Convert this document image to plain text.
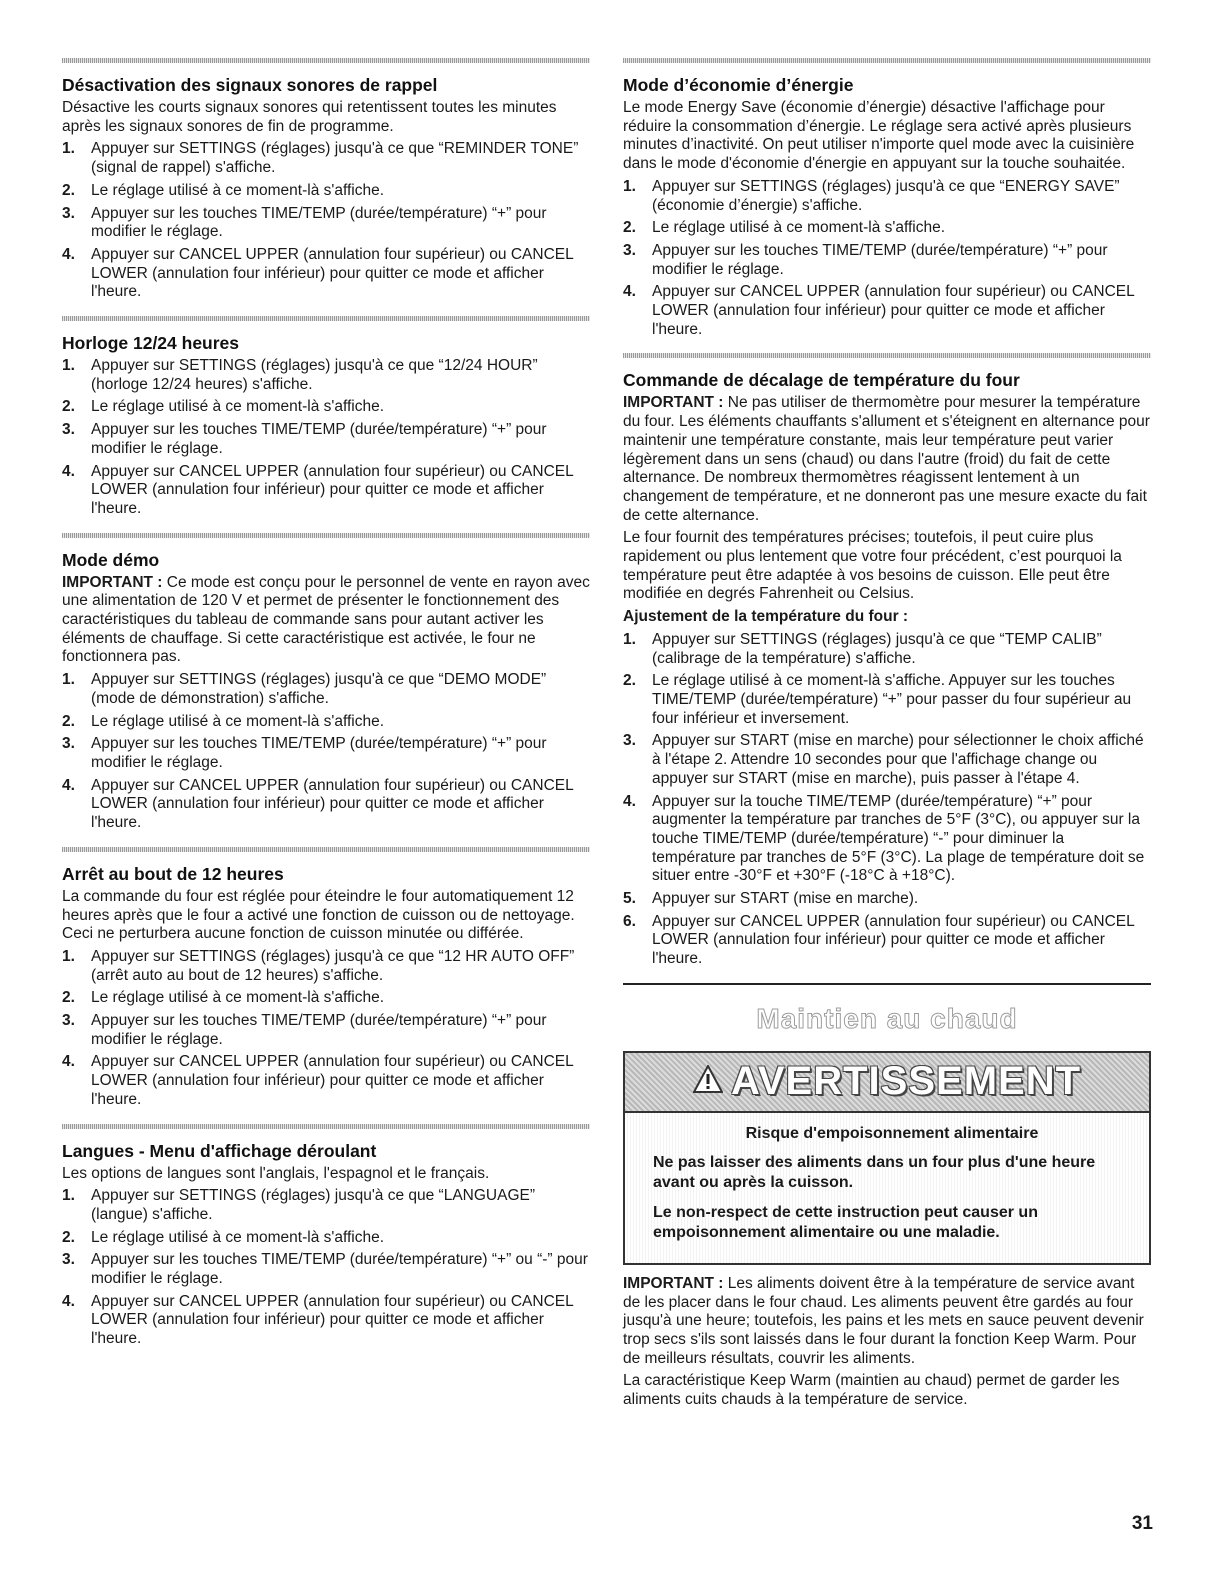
Désactivation des signaux sonores de rappel

Désactive les courts signaux sonores qui retentissent toutes les minutes après les signaux sonores de fin de programme.

1.	Appuyer sur SETTINGS (réglages) jusqu'à ce que “REMINDER TONE” (signal de rappel) s'affiche.
2.	Le réglage utilisé à ce moment-là s'affiche.
3.	Appuyer sur les touches TIME/TEMP (durée/température) “+” pour modifier le réglage.
4.	Appuyer sur CANCEL UPPER (annulation four supérieur) ou CANCEL LOWER (annulation four inférieur) pour quitter ce mode et afficher l'heure.
Horloge 12/24 heures
1.	Appuyer sur SETTINGS (réglages) jusqu'à ce que “12/24 HOUR” (horloge 12/24 heures) s'affiche.
2.	Le réglage utilisé à ce moment-là s'affiche.
3.	Appuyer sur les touches TIME/TEMP (durée/température) “+” pour modifier le réglage.
4.	Appuyer sur CANCEL UPPER (annulation four supérieur) ou CANCEL LOWER (annulation four inférieur) pour quitter ce mode et afficher l'heure.
Mode démo

IMPORTANT : Ce mode est conçu pour le personnel de vente en rayon avec une alimentation de 120 V et permet de présenter le fonctionnement des caractéristiques du tableau de commande sans pour autant activer les éléments de chauffage. Si cette caractéristique est activée, le four ne fonctionnera pas.

1.	Appuyer sur SETTINGS (réglages) jusqu'à ce que “DEMO MODE” (mode de démonstration) s'affiche.
2.	Le réglage utilisé à ce moment-là s'affiche.
3.	Appuyer sur les touches TIME/TEMP (durée/température) “+” pour modifier le réglage.
4.	Appuyer sur CANCEL UPPER (annulation four supérieur) ou CANCEL LOWER (annulation four inférieur) pour quitter ce mode et afficher l'heure.
Arrêt au bout de 12 heures

La commande du four est réglée pour éteindre le four automatiquement 12 heures après que le four a activé une fonction de cuisson ou de nettoyage. Ceci ne perturbera aucune fonction de cuisson minutée ou différée.

1.	Appuyer sur SETTINGS (réglages) jusqu'à ce que “12 HR AUTO OFF” (arrêt auto au bout de 12 heures) s'affiche.
2.	Le réglage utilisé à ce moment-là s'affiche.
3.	Appuyer sur les touches TIME/TEMP (durée/température) “+” pour modifier le réglage.
4.	Appuyer sur CANCEL UPPER (annulation four supérieur) ou CANCEL LOWER (annulation four inférieur) pour quitter ce mode et afficher l'heure.
Langues - Menu d'affichage déroulant

Les options de langues sont l'anglais, l'espagnol et le français.

1.	Appuyer sur SETTINGS (réglages) jusqu'à ce que “LANGUAGE” (langue) s'affiche.
2.	Le réglage utilisé à ce moment-là s'affiche.
3.	Appuyer sur les touches TIME/TEMP (durée/température) “+” ou “-” pour modifier le réglage.
4.	Appuyer sur CANCEL UPPER (annulation four supérieur) ou CANCEL LOWER (annulation four inférieur) pour quitter ce mode et afficher l'heure.
Mode d’économie d’énergie

Le mode Energy Save (économie d’énergie) désactive l'affichage pour réduire la consommation d’énergie. Le réglage sera activé après plusieurs minutes d’inactivité. On peut utiliser n'importe quel mode avec la cuisinière dans le mode d'économie d'énergie en appuyant sur la touche souhaitée.

1.	Appuyer sur SETTINGS (réglages) jusqu'à ce que “ENERGY SAVE” (économie d’énergie) s'affiche.
2.	Le réglage utilisé à ce moment-là s'affiche.
3.	Appuyer sur les touches TIME/TEMP (durée/température) “+” pour modifier le réglage.
4.	Appuyer sur CANCEL UPPER (annulation four supérieur) ou CANCEL LOWER (annulation four inférieur) pour quitter ce mode et afficher l'heure.
Commande de décalage de température du four

IMPORTANT : Ne pas utiliser de thermomètre pour mesurer la température du four. Les éléments chauffants s'allument et s'éteignent en alternance pour maintenir une température constante, mais leur température peut varier légèrement dans un sens (chaud) ou dans l'autre (froid) du fait de cette alternance. De nombreux thermomètres réagissent lentement à un changement de température, et ne donneront pas une mesure exacte du fait de cette alternance.

Le four fournit des températures précises; toutefois, il peut cuire plus rapidement ou plus lentement que votre four précédent, c’est pourquoi la température peut être adaptée à vos besoins de cuisson. Elle peut être modifiée en degrés Fahrenheit ou Celsius.

Ajustement de la température du four :

1.	Appuyer sur SETTINGS (réglages) jusqu'à ce que “TEMP CALIB” (calibrage de la température) s'affiche.
2.	Le réglage utilisé à ce moment-là s'affiche. Appuyer sur les touches TIME/TEMP (durée/température) “+” pour passer du four supérieur au four inférieur et inversement.
3.	Appuyer sur START (mise en marche) pour sélectionner le choix affiché à l'étape 2. Attendre 10 secondes pour que l'affichage change ou appuyer sur START (mise en marche), puis passer à l'étape 4.
4.	Appuyer sur la touche TIME/TEMP (durée/température) “+” pour augmenter la température par tranches de 5°F (3°C), ou appuyer sur la touche TIME/TEMP (durée/température) “-” pour diminuer la température par tranches de 5°F (3°C). La plage de température doit se situer entre -30°F et +30°F (-18°C à +18°C).
5.	Appuyer sur START (mise en marche).
6.	Appuyer sur CANCEL UPPER (annulation four supérieur) ou CANCEL LOWER (annulation four inférieur) pour quitter ce mode et afficher l'heure.
Maintien au chaud
AVERTISSEMENT
Risque d'empoisonnement alimentaire
Ne pas laisser des aliments dans un four plus d'une heure avant ou après la cuisson.
Le non-respect de cette instruction peut causer un empoisonnement alimentaire ou une maladie.

IMPORTANT : Les aliments doivent être à la température de service avant de les placer dans le four chaud. Les aliments peuvent être gardés au four jusqu'à une heure; toutefois, les pains et les mets en sauce peuvent devenir trop secs s'ils sont laissés dans le four durant la fonction Keep Warm. Pour de meilleurs résultats, couvrir les aliments.

La caractéristique Keep Warm (maintien au chaud) permet de garder les aliments cuits chauds à la température de service.

31
